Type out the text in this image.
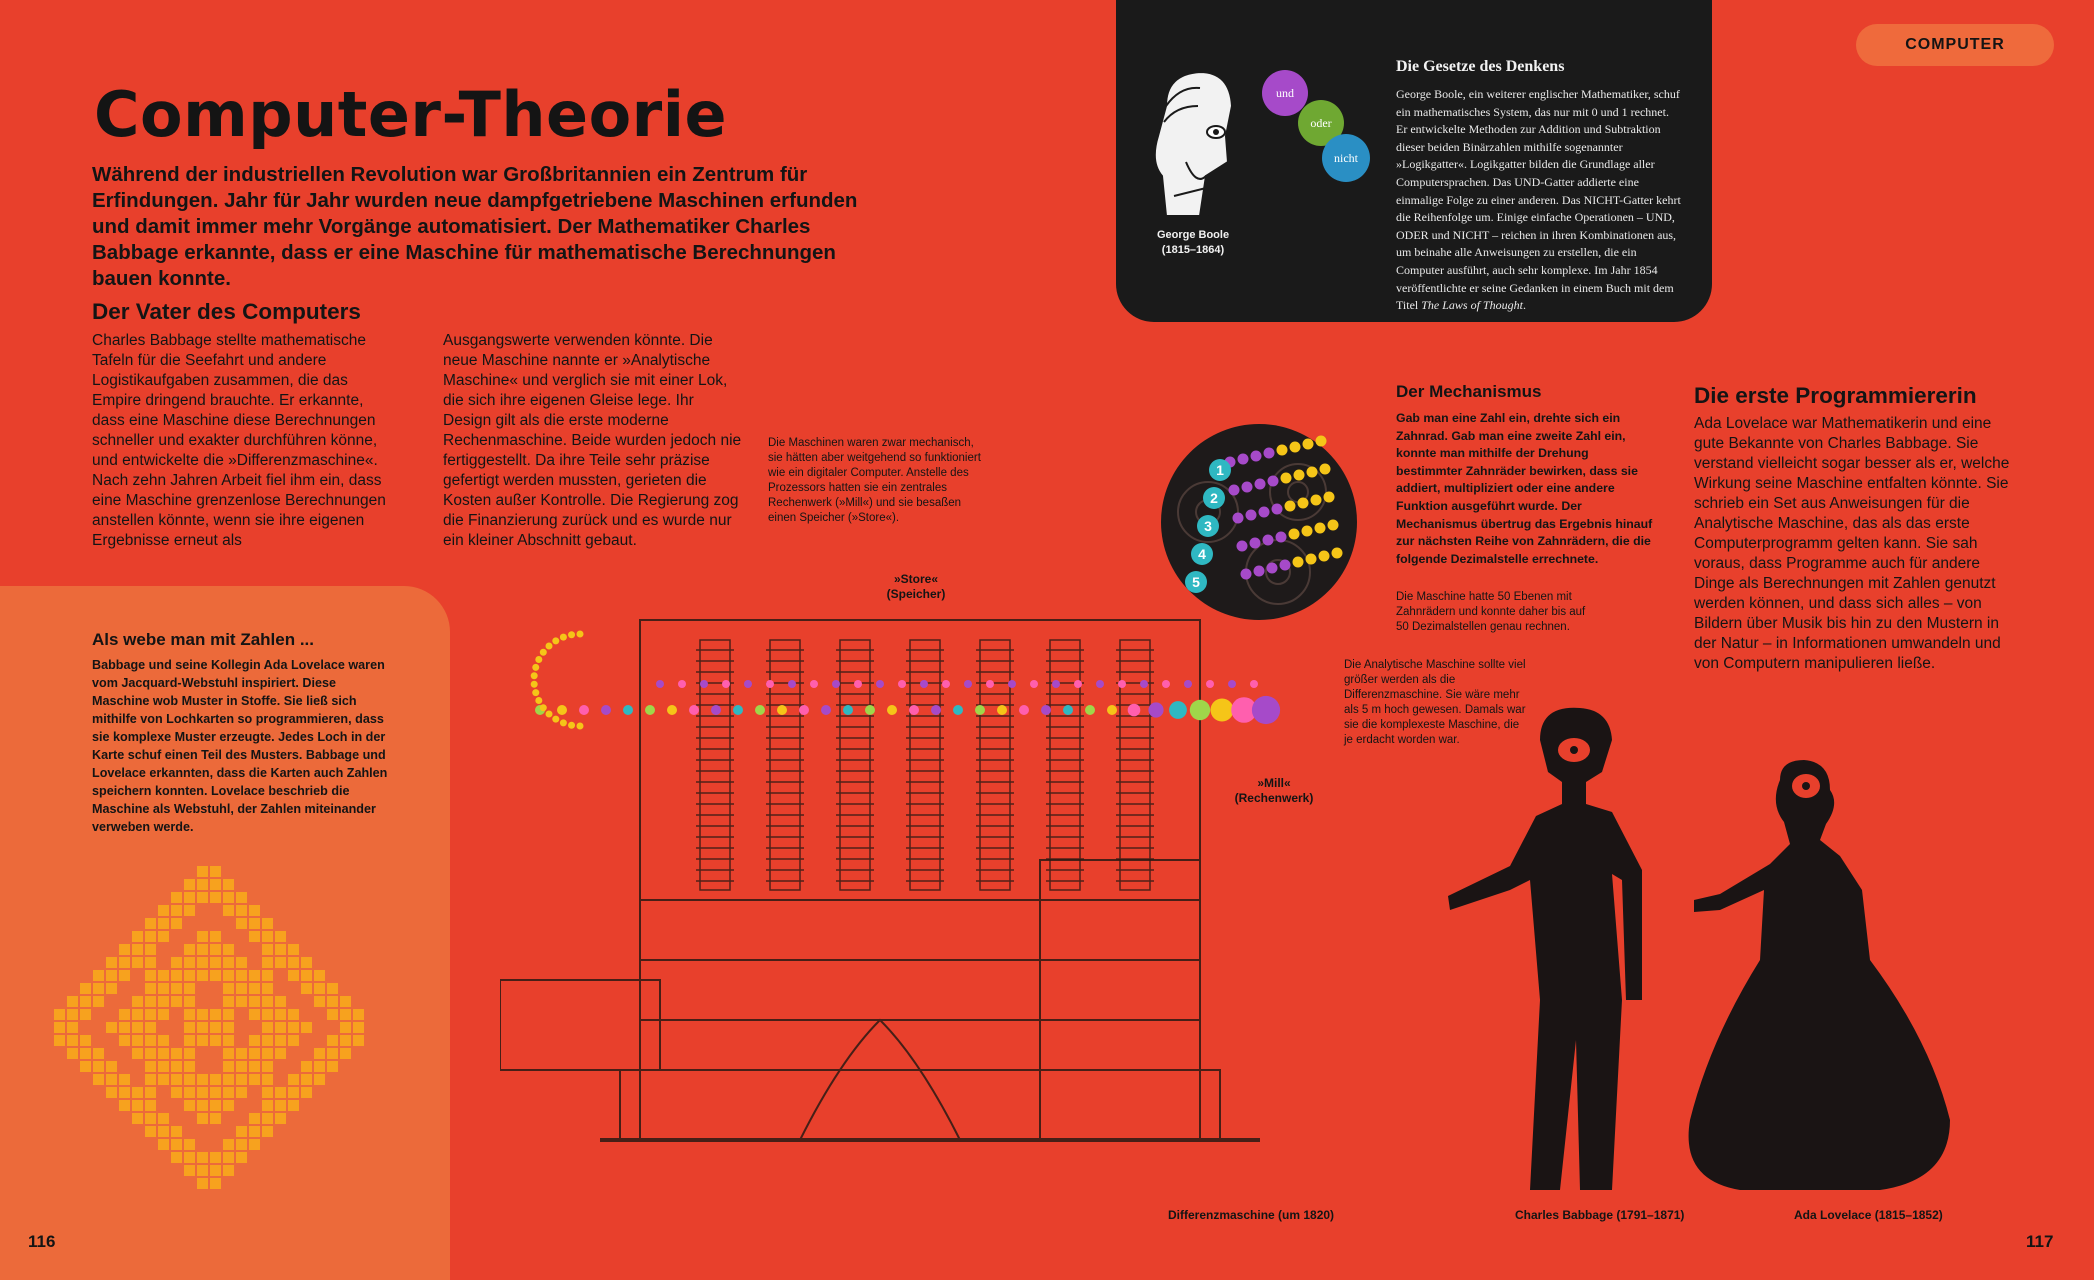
Computer-Theorie
Während der industriellen Revolution war Großbritannien ein Zentrum für Erfindungen. Jahr für Jahr wurden neue dampfgetriebene Maschinen erfunden und damit immer mehr Vorgänge automatisiert. Der Mathematiker Charles Babbage erkannte, dass er eine Maschine für mathematische Berechnungen bauen konnte.
Der Vater des Computers
Charles Babbage stellte mathematische Tafeln für die Seefahrt und andere Logistikaufgaben zusammen, die das Empire dringend brauchte. Er erkannte, dass eine Maschine diese Berechnungen schneller und exakter durchführen könne, und entwickelte die »Differenzmaschine«. Nach zehn Jahren Arbeit fiel ihm ein, dass eine Maschine grenzenlose Berechnungen anstellen könnte, wenn sie ihre eigenen Ergebnisse erneut als
Ausgangswerte verwenden könnte. Die neue Maschine nannte er »Analytische Maschine« und verglich sie mit einer Lok, die sich ihre eigenen Gleise lege. Ihr Design gilt als die erste moderne Rechenmaschine. Beide wurden jedoch nie fertiggestellt. Da ihre Teile sehr präzise gefertigt werden mussten, gerieten die Kosten außer Kontrolle. Die Regierung zog die Finanzierung zurück und es wurde nur ein kleiner Abschnitt gebaut.
Die Maschinen waren zwar mechanisch, sie hätten aber weitgehend so funktioniert wie ein digitaler Computer. Anstelle des Prozessors hatten sie ein zentrales Rechenwerk (»Mill«) und sie besaßen einen Speicher (»Store«).
Als webe man mit Zahlen ...
Babbage und seine Kollegin Ada Lovelace waren vom Jacquard-Webstuhl inspiriert. Diese Maschine wob Muster in Stoffe. Sie ließ sich mithilfe von Lochkarten so programmieren, dass sie komplexe Muster erzeugte. Jedes Loch in der Karte schuf einen Teil des Musters. Babbage und Lovelace erkannten, dass die Karten auch Zahlen speichern konnten. Lovelace beschrieb die Maschine als Webstuhl, der Zahlen miteinander verweben werde.
116
»Store« (Speicher)
»Mill« (Rechenwerk)
Differenzmaschine (um 1820)
COMPUTER
George Boole
(1815–1864)
und
oder
nicht
Die Gesetze des Denkens
George Boole, ein weiterer englischer Mathematiker, schuf ein mathematisches System, das nur mit 0 und 1 rechnet. Er entwickelte Methoden zur Addition und Subtraktion dieser beiden Binärzahlen mithilfe sogenannter »Logikgatter«. Logikgatter bilden die Grundlage aller Computersprachen. Das UND-Gatter addierte eine einmalige Folge zu einer anderen. Das NICHT-Gatter kehrt die Reihenfolge um. Einige einfache Operationen – UND, ODER und NICHT – reichen in ihren Kombinationen aus, um beinahe alle Anweisungen zu erstellen, die ein Computer ausführt, auch sehr komplexe. Im Jahr 1854 veröffentlichte er seine Gedanken in einem Buch mit dem Titel The Laws of Thought.
1
2
3
4
5
Der Mechanismus
Gab man eine Zahl ein, drehte sich ein Zahnrad. Gab man eine zweite Zahl ein, konnte man mithilfe der Drehung bestimmter Zahnräder bewirken, dass sie addiert, multipliziert oder eine andere Funktion ausgeführt wurde. Der Mechanismus übertrug das Ergebnis hinauf zur nächsten Reihe von Zahnrädern, die die folgende Dezimalstelle errechnete.
Die Maschine hatte 50 Ebenen mit Zahnrädern und konnte daher bis auf 50 Dezimalstellen genau rechnen.
Die Analytische Maschine sollte viel größer werden als die Differenzmaschine. Sie wäre mehr als 5 m hoch gewesen. Damals war sie die komplexeste Maschine, die je erdacht worden war.
Die erste Programmiererin
Ada Lovelace war Mathematikerin und eine gute Bekannte von Charles Babbage. Sie verstand vielleicht sogar besser als er, welche Wirkung seine Maschine entfalten könnte. Sie schrieb ein Set aus Anweisungen für die Analytische Maschine, das als das erste Computerprogramm gelten kann. Sie sah voraus, dass Programme auch für andere Dinge als Berechnungen mit Zahlen genutzt werden können, und dass sich alles – von Bildern über Musik bis hin zu den Mustern in der Natur – in Informationen umwandeln und von Computern manipulieren ließe.
Charles Babbage (1791–1871)	Ada Lovelace (1815–1852)
117
